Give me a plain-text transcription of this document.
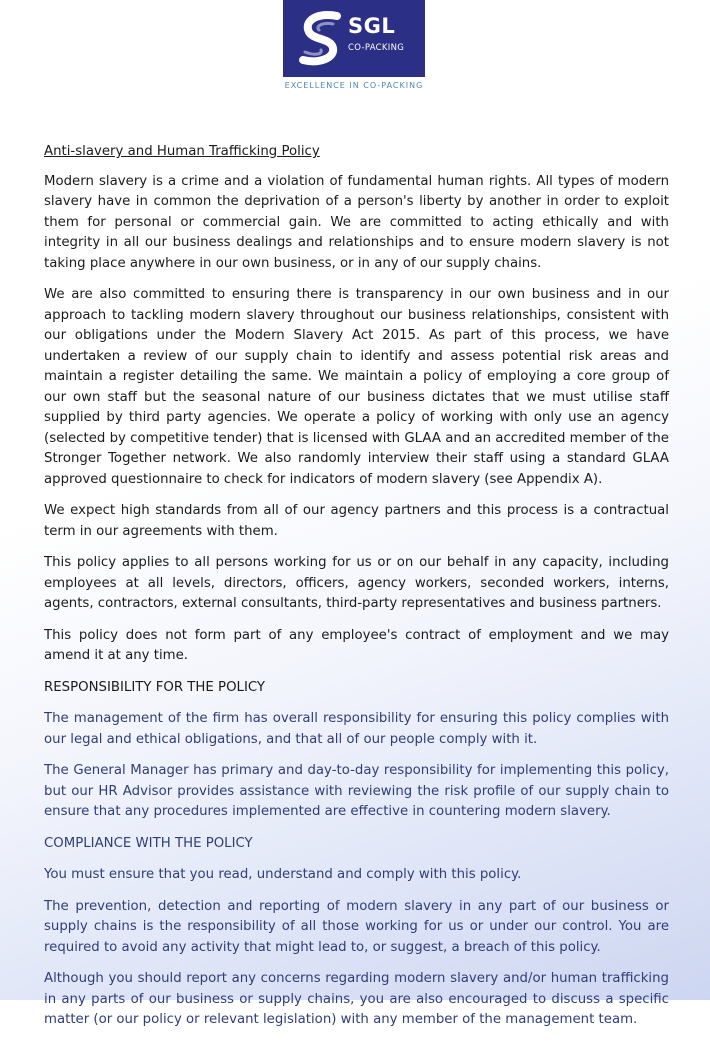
SGL
CO-PACKING
EXCELLENCE IN CO-PACKING
Anti-slavery and Human Trafficking Policy

Modern slavery is a crime and a violation of fundamental human rights. All types of modern slavery have in common the deprivation of a person's liberty by another in order to exploit them for personal or commercial gain. We are committed to acting ethically and with integrity in all our business dealings and relationships and to ensure modern slavery is not taking place anywhere in our own business, or in any of our supply chains.

We are also committed to ensuring there is transparency in our own business and in our approach to tackling modern slavery throughout our business relationships, consistent with our obligations under the Modern Slavery Act 2015. As part of this process, we have undertaken a review of our supply chain to identify and assess potential risk areas and maintain a register detailing the same. We maintain a policy of employing a core group of our own staff but the seasonal nature of our business dictates that we must utilise staff supplied by third party agencies. We operate a policy of working with only use an agency (selected by competitive tender) that is licensed with GLAA and an accredited member of the Stronger Together network. We also randomly interview their staff using a standard GLAA approved questionnaire to check for indicators of modern slavery (see Appendix A).

We expect high standards from all of our agency partners and this process is a contractual term in our agreements with them.

This policy applies to all persons working for us or on our behalf in any capacity, including employees at all levels, directors, officers, agency workers, seconded workers, interns, agents, contractors, external consultants, third-party representatives and business partners.

This policy does not form part of any employee's contract of employment and we may amend it at any time.

RESPONSIBILITY FOR THE POLICY

The management of the firm has overall responsibility for ensuring this policy complies with our legal and ethical obligations, and that all of our people comply with it.

The General Manager has primary and day-to-day responsibility for implementing this policy, but our HR Advisor provides assistance with reviewing the risk profile of our supply chain to ensure that any procedures implemented are effective in countering modern slavery.

COMPLIANCE WITH THE POLICY

You must ensure that you read, understand and comply with this policy.

The prevention, detection and reporting of modern slavery in any part of our business or supply chains is the responsibility of all those working for us or under our control. You are required to avoid any activity that might lead to, or suggest, a breach of this policy.

Although you should report any concerns regarding modern slavery and/or human trafficking in any parts of our business or supply chains, you are also encouraged to discuss a specific matter (or our policy or relevant legislation) with any member of the management team.
